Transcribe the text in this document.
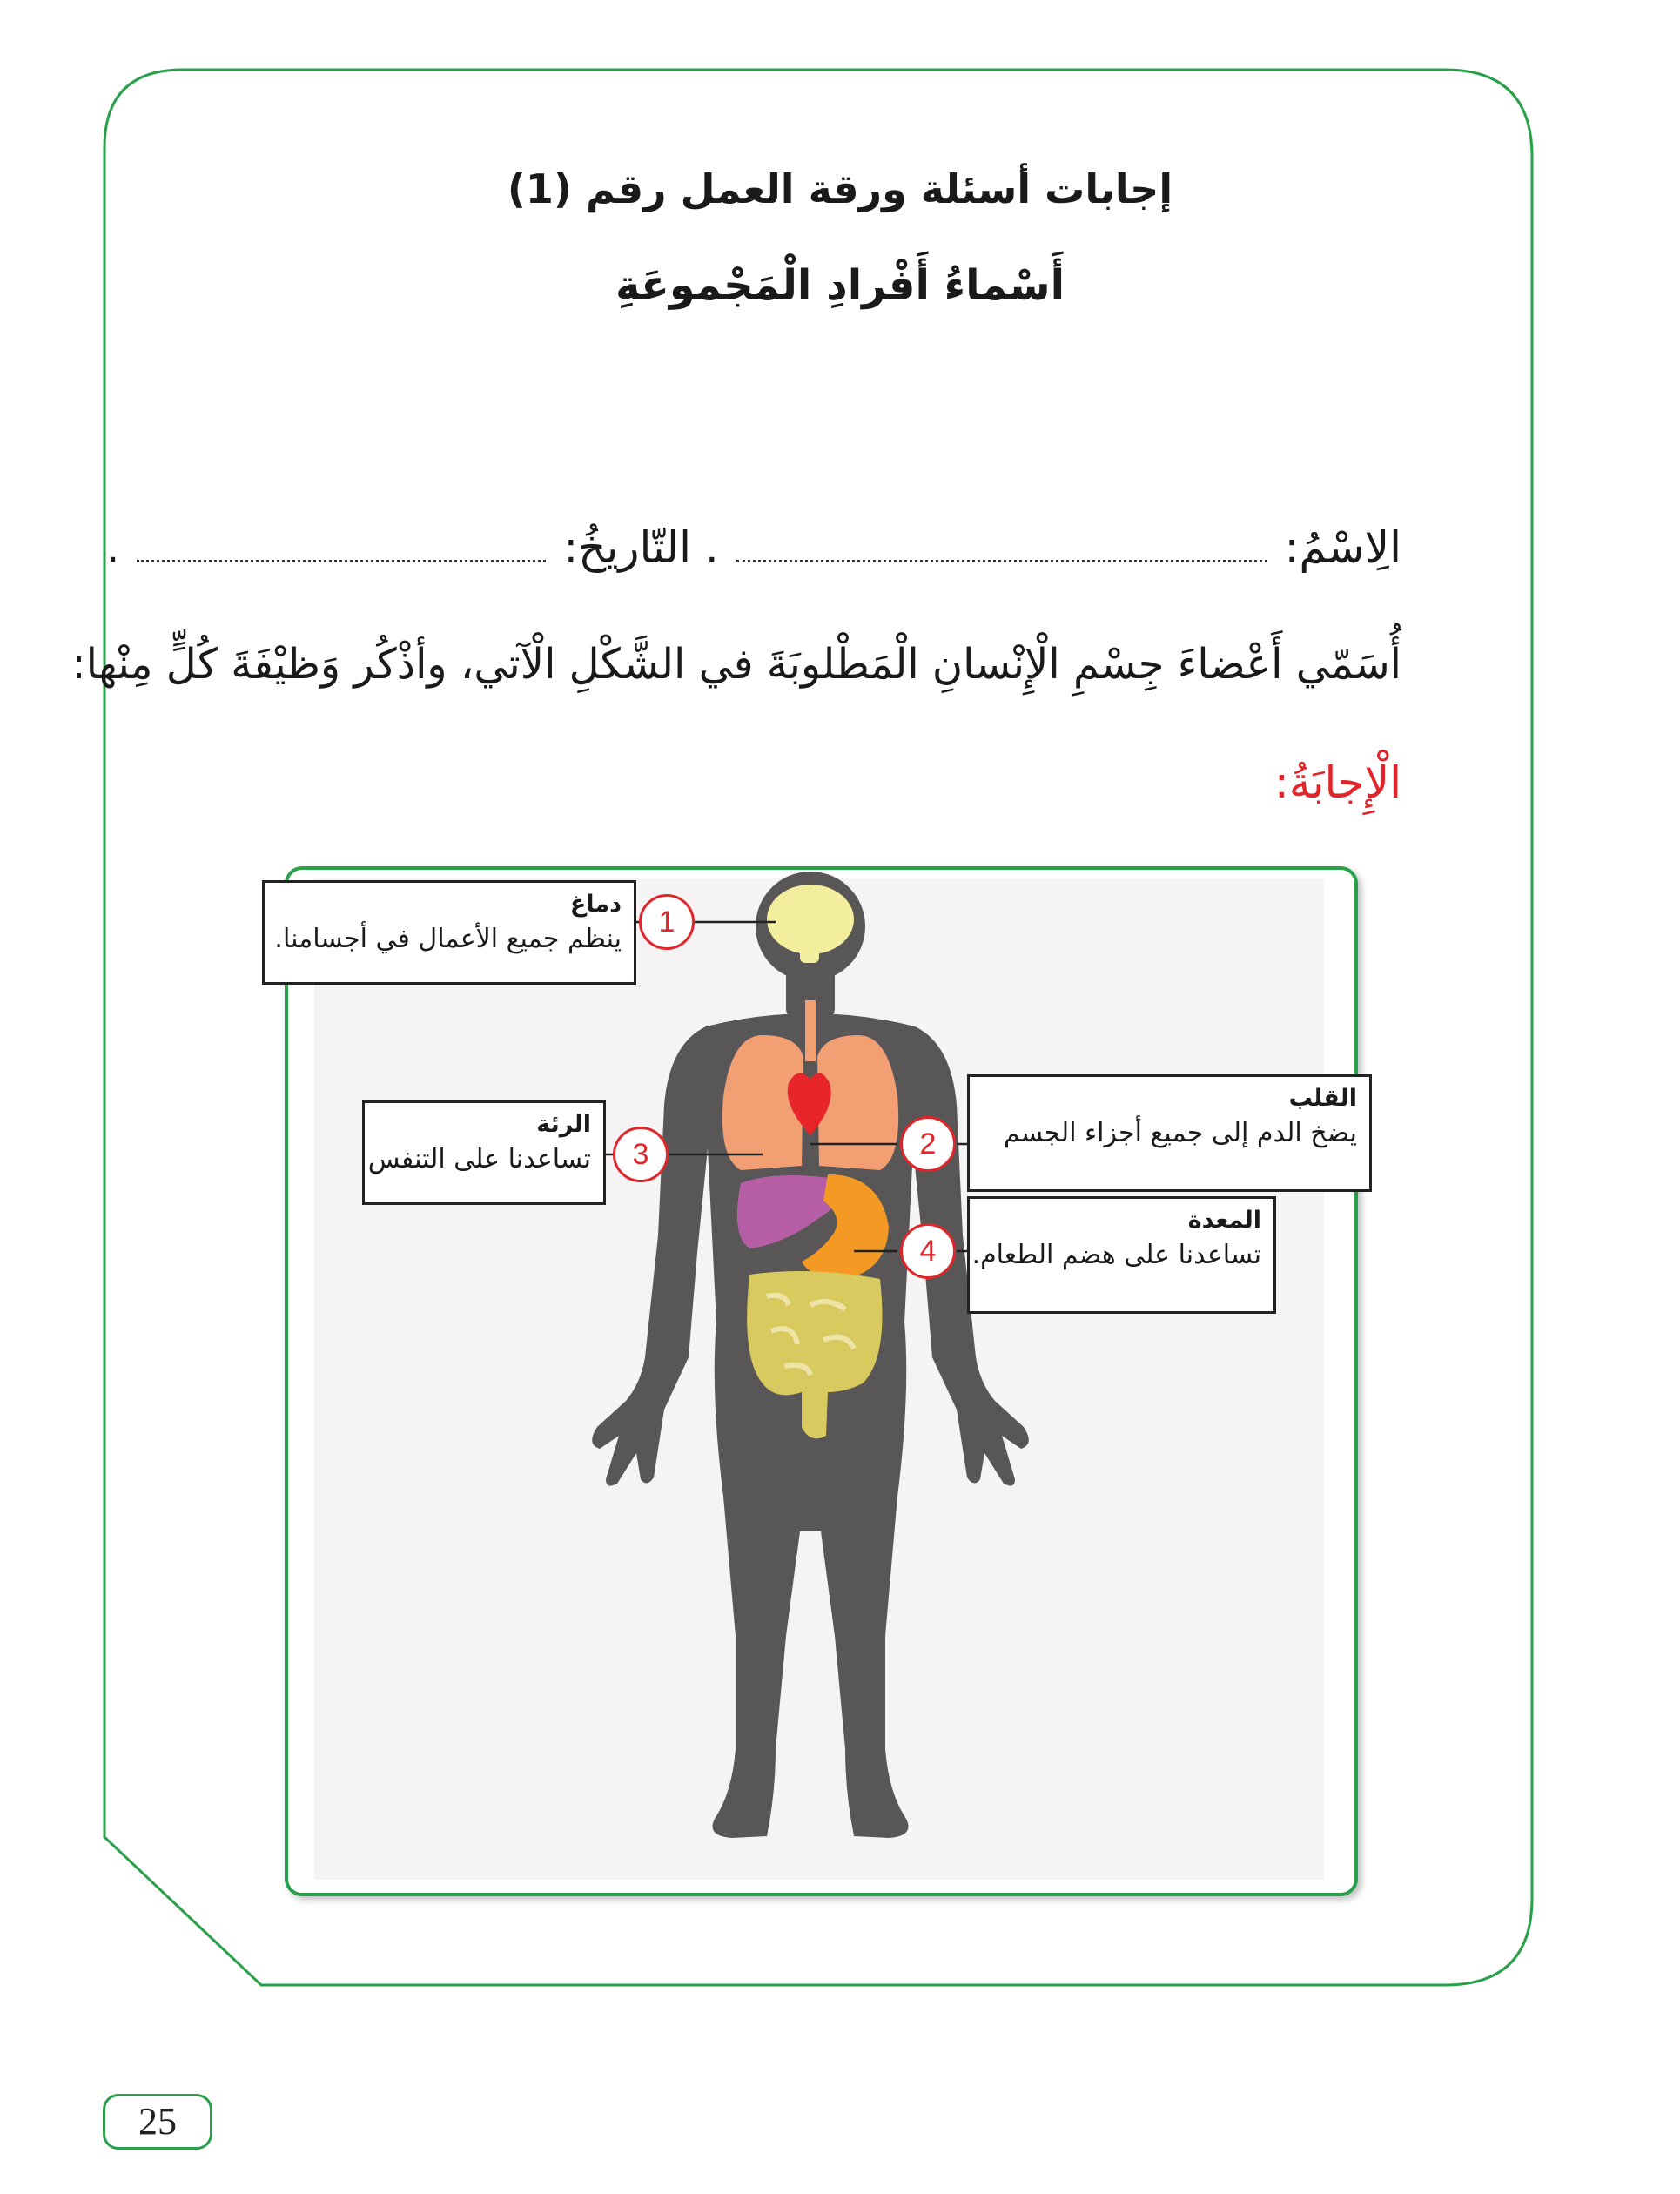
إجابات أسئلة ورقة العمل رقم (1)
أَسْماءُ أَفْرادِ الْمَجْموعَةِ
الِاسْمُ:  . التّاريخُ:  .
أُسَمّي أَعْضاءَ جِسْمِ الْإِنْسانِ الْمَطْلوبَةَ في الشَّكْلِ الْآتي، وأذْكُر وَظيْفَةَ كُلٍّ مِنْها:
الْإِجابَةُ:
دماغ
ينظم جميع الأعمال في أجسامنا.
1
القلب
يضخ الدم إلى جميع أجزاء الجسم
2
الرئة
تساعدنا على التنفس	3
المعدة
تساعدنا على هضم الطعام.
4
25
